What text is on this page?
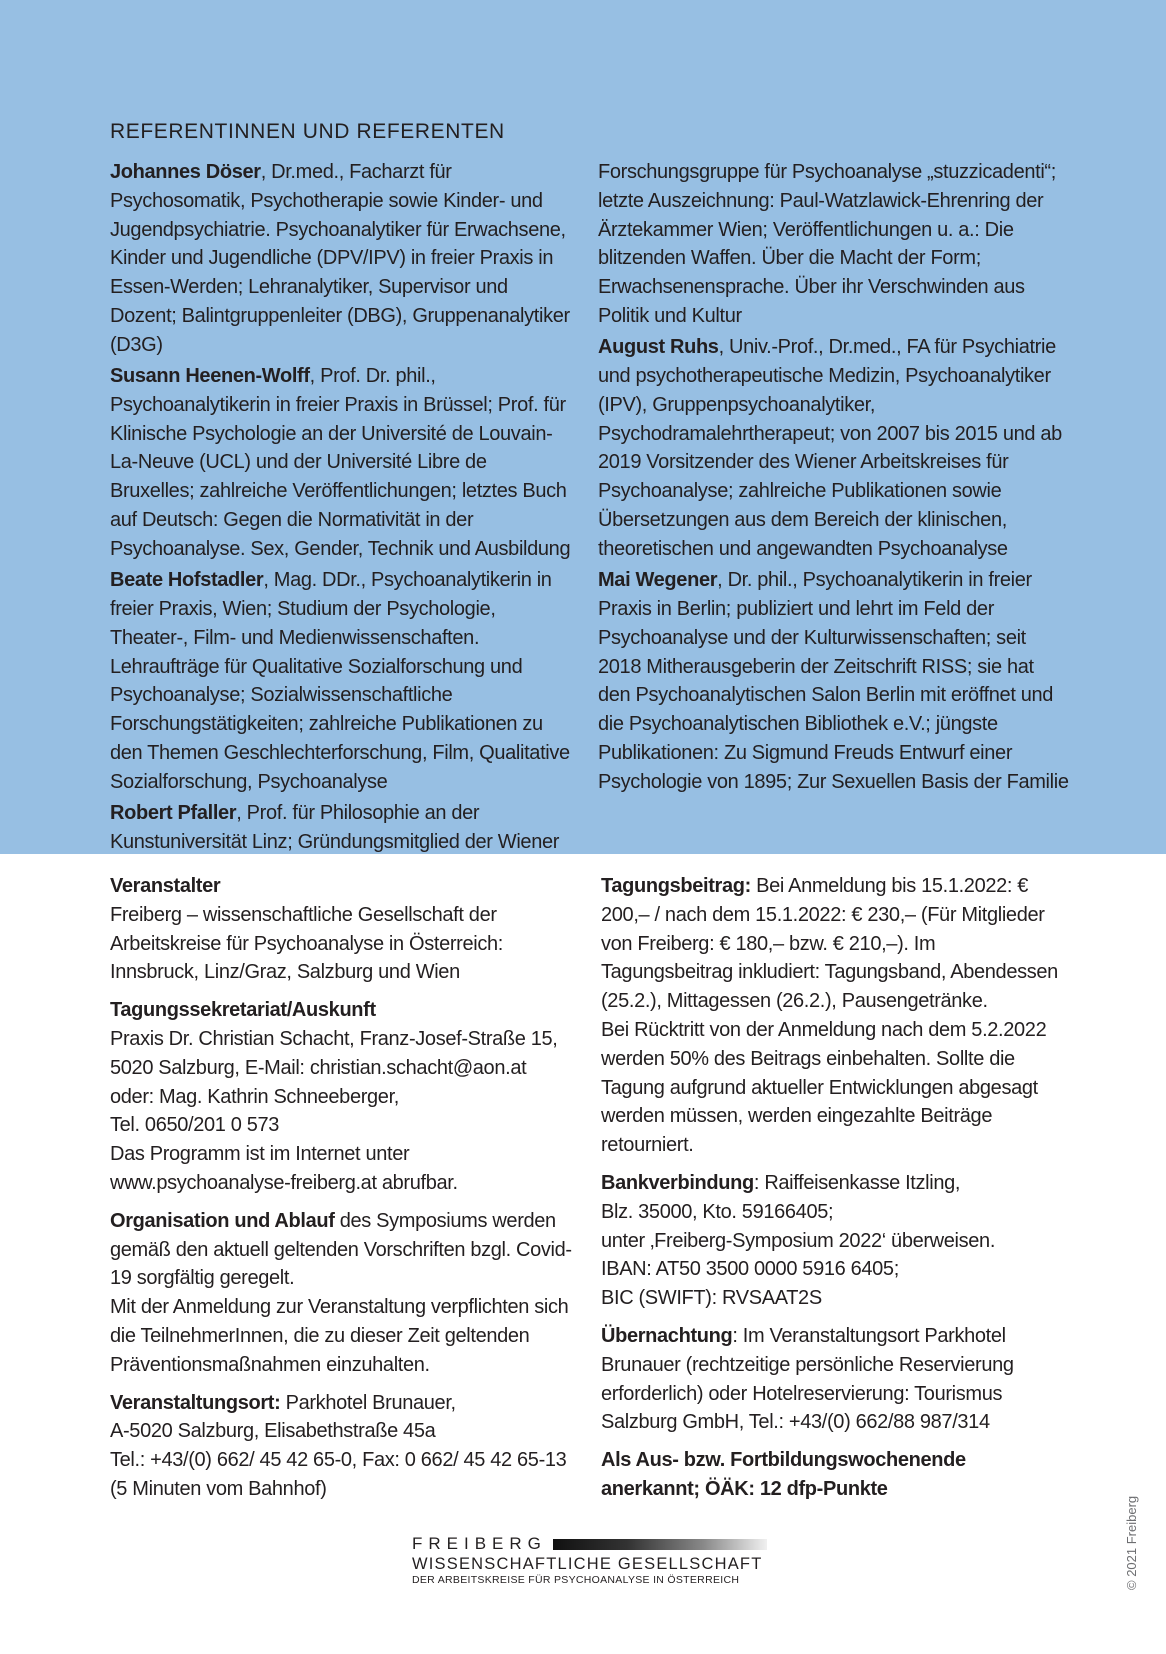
REFERENTINNEN UND REFERENTEN

Johannes Döser, Dr.med., Facharzt für Psychosomatik, Psychotherapie sowie Kinder- und Jugendpsychiatrie. Psychoanalytiker für Erwachsene, Kinder und Jugendliche (DPV/IPV) in freier Praxis in Essen-Werden; Lehranalytiker, Supervisor und Dozent; Balintgruppenleiter (DBG), Gruppenanalytiker (D3G)

Susann Heenen-Wolff, Prof. Dr. phil., Psychoanalytikerin in freier Praxis in Brüssel; Prof. für Klinische Psychologie an der Université de Louvain-La-Neuve (UCL) und der Université Libre de Bruxelles; zahlreiche Veröffentlichungen; letztes Buch auf Deutsch: Gegen die Normativität in der Psychoanalyse. Sex, Gender, Technik und Ausbildung

Beate Hofstadler, Mag. DDr., Psychoanalytikerin in freier Praxis, Wien; Studium der Psychologie, Theater-, Film- und Medienwissenschaften. Lehraufträge für Qualitative Sozialforschung und Psychoanalyse; Sozialwissenschaftliche Forschungstätigkeiten; zahlreiche Publikationen zu den Themen Geschlechterforschung, Film, Qualitative Sozialforschung, Psychoanalyse

Robert Pfaller, Prof. für Philosophie an der Kunstuniversität Linz; Gründungsmitglied der Wiener

Forschungsgruppe für Psychoanalyse „stuzzicadenti“; letzte Auszeichnung: Paul-Watzlawick-Ehrenring der Ärztekammer Wien; Veröffentlichungen u. a.: Die blitzenden Waffen. Über die Macht der Form; Erwachsenensprache. Über ihr Verschwinden aus Politik und Kultur

August Ruhs, Univ.-Prof., Dr.med., FA für Psychiatrie und psychotherapeutische Medizin, Psychoanalytiker (IPV), Gruppenpsychoanalytiker, Psychodramalehrtherapeut; von 2007 bis 2015 und ab 2019 Vorsitzender des Wiener Arbeitskreises für Psychoanalyse; zahlreiche Publikationen sowie Übersetzungen aus dem Bereich der klinischen, theoretischen und angewandten Psychoanalyse

Mai Wegener, Dr. phil., Psychoanalytikerin in freier Praxis in Berlin; publiziert und lehrt im Feld der Psychoanalyse und der Kulturwissenschaften; seit 2018 Mitherausgeberin der Zeitschrift RISS; sie hat den Psychoanalytischen Salon Berlin mit eröffnet und die Psychoanalytischen Bibliothek e.V.; jüngste Publikationen: Zu Sigmund Freuds Entwurf einer Psychologie von 1895; Zur Sexuellen Basis der Familie

Veranstalter
Freiberg – wissenschaftliche Gesellschaft der
Arbeitskreise für Psychoanalyse in Österreich:
Innsbruck, Linz/Graz, Salzburg und Wien
Tagungssekretariat/Auskunft
Praxis Dr. Christian Schacht, Franz-Josef-Straße 15,
5020 Salzburg, E-Mail: christian.schacht@aon.at
oder: Mag. Kathrin Schneeberger,
Tel. 0650/201 0 573
Das Programm ist im Internet unter
www.psychoanalyse-freiberg.at abrufbar.
Organisation und Ablauf des Symposiums werden gemäß den aktuell geltenden Vorschriften bzgl. Covid-19 sorgfältig geregelt.
Mit der Anmeldung zur Veranstaltung verpflichten sich die TeilnehmerInnen, die zu dieser Zeit geltenden Präventionsmaßnahmen einzuhalten.
Veranstaltungsort: Parkhotel Brunauer,
A-5020 Salzburg, Elisabethstraße 45a
Tel.: +43/(0) 662/ 45 42 65-0, Fax: 0 662/ 45 42 65-13
(5 Minuten vom Bahnhof)
Tagungsbeitrag: Bei Anmeldung bis 15.1.2022: € 200,– / nach dem 15.1.2022: € 230,– (Für Mitglieder von Freiberg: € 180,– bzw. € 210,–). Im Tagungsbeitrag inkludiert: Tagungsband, Abendessen (25.2.), Mittagessen (26.2.), Pausengetränke.
Bei Rücktritt von der Anmeldung nach dem 5.2.2022 werden 50% des Beitrags einbehalten. Sollte die Tagung aufgrund aktueller Entwicklungen abgesagt werden müssen, werden eingezahlte Beiträge retourniert.
Bankverbindung: Raiffeisenkasse Itzling,
Blz. 35000, Kto. 59166405;
unter ‚Freiberg-Symposium 2022‘ überweisen.
IBAN: AT50 3500 0000 5916 6405;
BIC (SWIFT): RVSAAT2S
Übernachtung: Im Veranstaltungsort Parkhotel Brunauer (rechtzeitige persönliche Reservierung erforderlich) oder Hotelreservierung: Tourismus Salzburg GmbH, Tel.: +43/(0) 662/88 987/314
Als Aus- bzw. Fortbildungswochenende
anerkannt; ÖÄK: 12 dfp-Punkte
FREIBERG
WISSENSCHAFTLICHE GESELLSCHAFT
DER ARBEITSKREISE FÜR PSYCHOANALYSE IN ÖSTERREICH	© 2021 Freiberg
